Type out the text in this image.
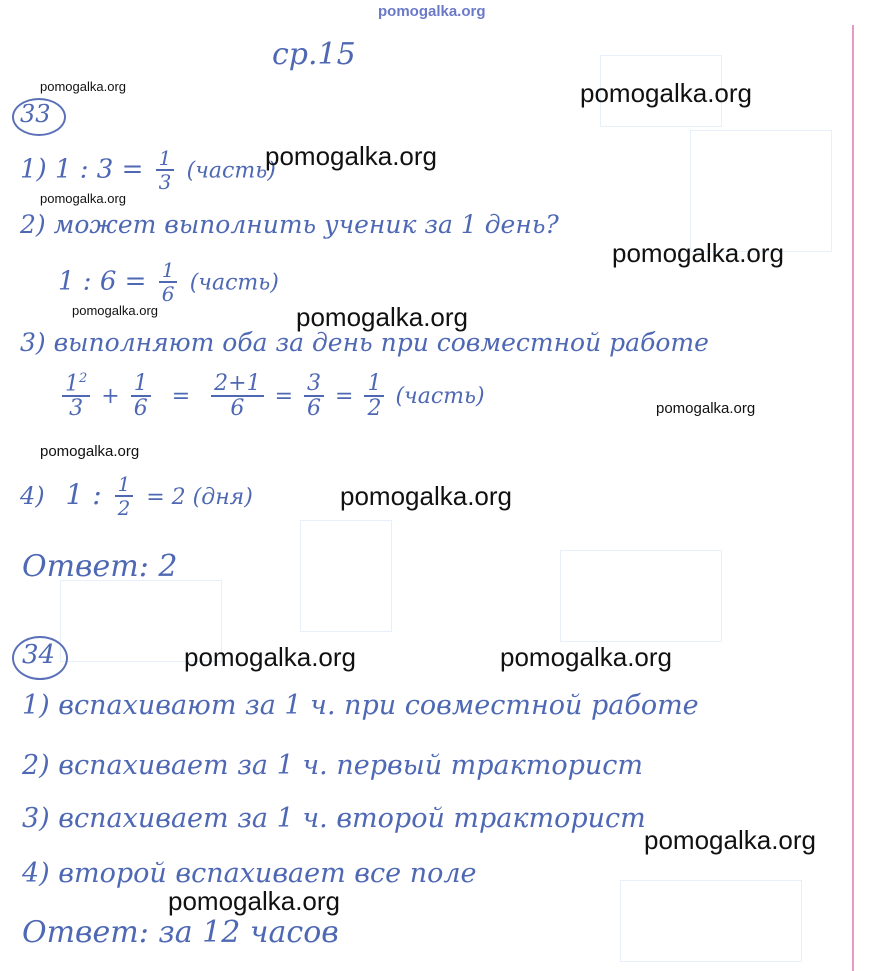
pomogalka.org
ср.15
33
1) 1 : $3 = \frac{1}{3}$ (часть)
2) может выполнить ученик за 1 день?
1 : $6 = \frac{1}{6}$ (часть)
3) выполняют оба за день при совместной работе
$\frac{1^2}{3} + \frac{1}{6} = \frac{2+1}{6} = \frac{3}{6} = \frac{1}{2}$ (часть)
4) 1 : $\frac{1}{2} = 2$ (дня)
Ответ: 2
34
1) вспахивают за 1 ч. при совместной работе
2) вспахивает за 1 ч. первый тракторист
3) вспахивает за 1 ч. второй тракторист
4) второй вспахивает все поле
Ответ: за 12 часов
pomogalka.org	pomogalka.org
pomogalka.org
pomogalka.org
pomogalka.org
pomogalka.org	pomogalka.org
pomogalka.org
pomogalka.org
pomogalka.org
pomogalka.org	pomogalka.org
pomogalka.org
pomogalka.org
